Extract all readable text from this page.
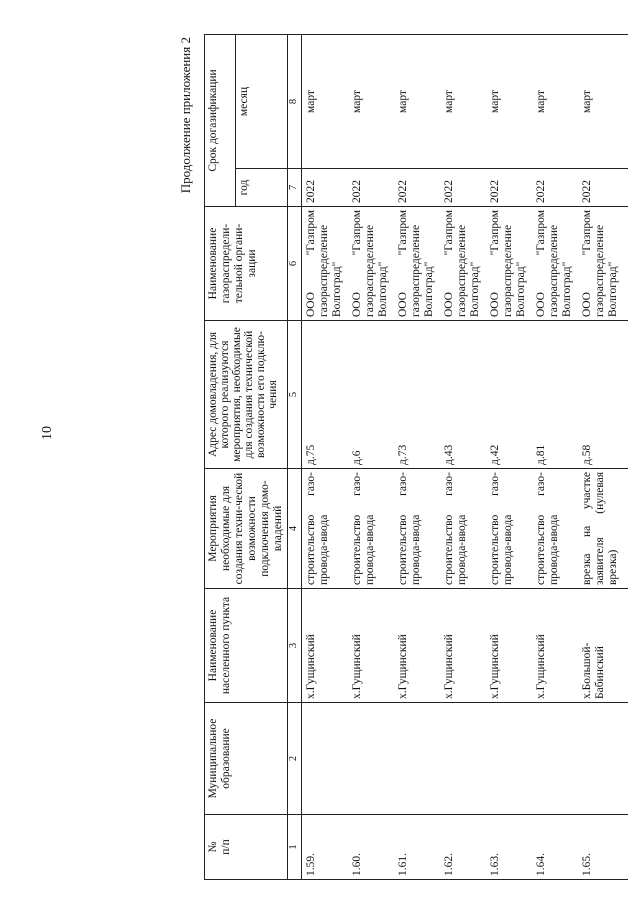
10
Продолжение приложения 2
№
п/п	Муниципальное образование	Наименование населенного пункта	Мероприятия необходимые для создания техни-ческой возможности подключения домо-владений	Адрес домовладения, для которого реализуются мероприятия, необходимые для создания технической возможности его подклю-чения	Наименование газораспредели-тельной органи-зации	Срок догазификации	
						год	месяц
1	2	3	4	5	6	7	8
1.59.		х.Гущинский	строительство газо-провода-ввода	д.75	ООО "Газпром газораспределение Волгоград"	2022	март
1.60.		х.Гущинский	строительство газо-провода-ввода	д.6	ООО "Газпром газораспределение Волгоград"	2022	март
1.61.		х.Гущинский	строительство газо-провода-ввода	д.73	ООО "Газпром газораспределение Волгоград"	2022	март
1.62.		х.Гущинский	строительство газо-провода-ввода	д.43	ООО "Газпром газораспределение Волгоград"	2022	март
1.63.		х.Гущинский	строительство газо-провода-ввода	д.42	ООО "Газпром газораспределение Волгоград"	2022	март
1.64.		х.Гущинский	строительство газо-провода-ввода	д.81	ООО "Газпром газораспределение Волгоград"	2022	март
1.65.		х.Большой-Бабинский	врезка на участке заявителя (нулевая врезка)	д.58	ООО "Газпром газораспределение Волгоград"	2022	март
